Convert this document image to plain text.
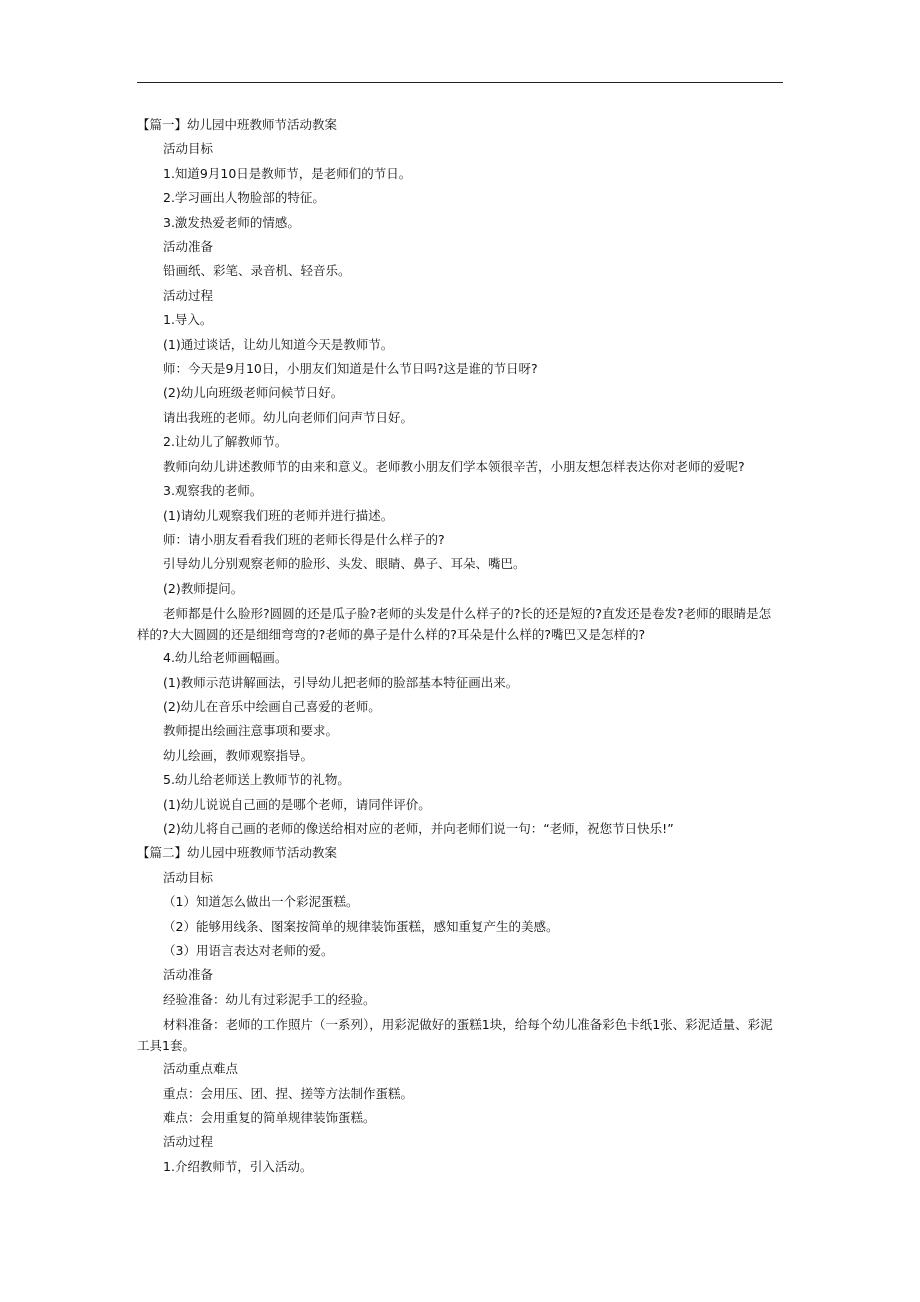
【篇一】幼儿园中班教师节活动教案

活动目标

1.知道9月10日是教师节，是老师们的节日。

2.学习画出人物脸部的特征。

3.激发热爱老师的情感。

活动准备

铅画纸、彩笔、录音机、轻音乐。

活动过程

1.导入。

(1)通过谈话，让幼儿知道今天是教师节。

师：今天是9月10日，小朋友们知道是什么节日吗?这是谁的节日呀?

(2)幼儿向班级老师问候节日好。

请出我班的老师。幼儿向老师们问声节日好。

2.让幼儿了解教师节。

教师向幼儿讲述教师节的由来和意义。老师教小朋友们学本领很辛苦，小朋友想怎样表达你对老师的爱呢?

3.观察我的老师。

(1)请幼儿观察我们班的老师并进行描述。

师：请小朋友看看我们班的老师长得是什么样子的?

引导幼儿分别观察老师的脸形、头发、眼睛、鼻子、耳朵、嘴巴。

(2)教师提问。

老师都是什么脸形?圆圆的还是瓜子脸?老师的头发是什么样子的?长的还是短的?直发还是卷发?老师的眼睛是怎样的?大大圆圆的还是细细弯弯的?老师的鼻子是什么样的?耳朵是什么样的?嘴巴又是怎样的?

4.幼儿给老师画幅画。

(1)教师示范讲解画法，引导幼儿把老师的脸部基本特征画出来。

(2)幼儿在音乐中绘画自己喜爱的老师。

教师提出绘画注意事项和要求。

幼儿绘画，教师观察指导。

5.幼儿给老师送上教师节的礼物。

(1)幼儿说说自己画的是哪个老师，请同伴评价。

(2)幼儿将自己画的老师的像送给相对应的老师，并向老师们说一句：“老师，祝您节日快乐!”

【篇二】幼儿园中班教师节活动教案

活动目标

（1）知道怎么做出一个彩泥蛋糕。

（2）能够用线条、图案按简单的规律装饰蛋糕，感知重复产生的美感。

（3）用语言表达对老师的爱。

活动准备

经验准备：幼儿有过彩泥手工的经验。

材料准备：老师的工作照片（一系列），用彩泥做好的蛋糕1块，给每个幼儿准备彩色卡纸1张、彩泥适量、彩泥工具1套。

活动重点难点

重点：会用压、团、捏、搓等方法制作蛋糕。

难点：会用重复的简单规律装饰蛋糕。

活动过程

1.介绍教师节，引入活动。
